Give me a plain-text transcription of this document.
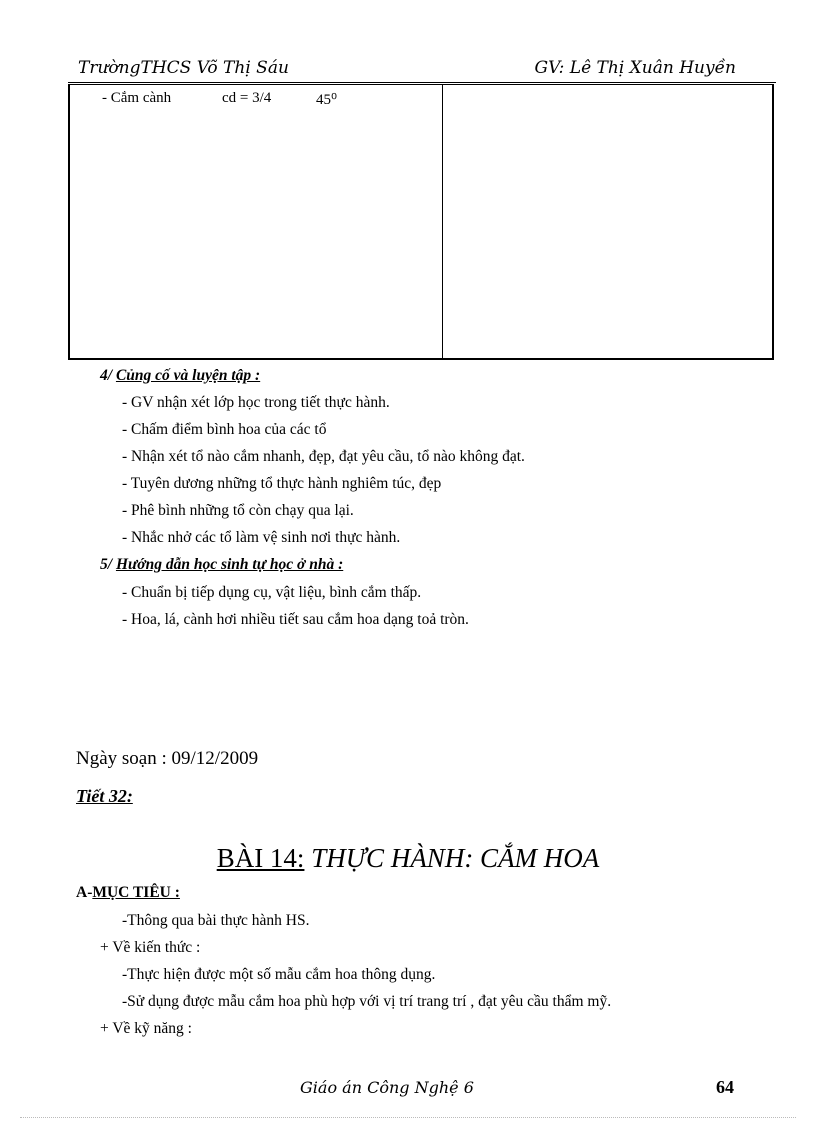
TrườngTHCS Võ Thị Sáu	GV: Lê Thị Xuân Huyền
- Cắm cành	cd = 3/4	45⁰
4/ Củng cố và luyện tập :
- GV nhận xét lớp học trong tiết thực hành.
- Chấm điểm bình hoa của các tổ
- Nhận xét tổ nào cắm nhanh, đẹp, đạt yêu cầu, tổ nào không đạt.
- Tuyên dương những tổ thực hành nghiêm túc, đẹp
- Phê bình những tổ còn chạy qua lại.
- Nhắc nhở các tổ làm vệ sinh nơi thực hành.
5/ Hướng dẫn học sinh tự học ở nhà :
- Chuẩn bị tiếp dụng cụ, vật liệu, bình cắm thấp.
- Hoa, lá, cành hơi nhiều tiết sau cắm hoa dạng toả tròn.
Ngày soạn : 09/12/2009
Tiết 32:
BÀI 14: THỰC HÀNH: CẮM HOA
A-MỤC TIÊU :
-Thông qua bài thực hành HS.
+ Về kiến thức :
-Thực hiện được một số mẫu cắm hoa thông dụng.
-Sử dụng được mẫu cắm hoa phù hợp với vị trí trang trí , đạt yêu cầu thẩm mỹ.
+ Về kỹ năng :
Giáo án Công Nghệ 6	64
